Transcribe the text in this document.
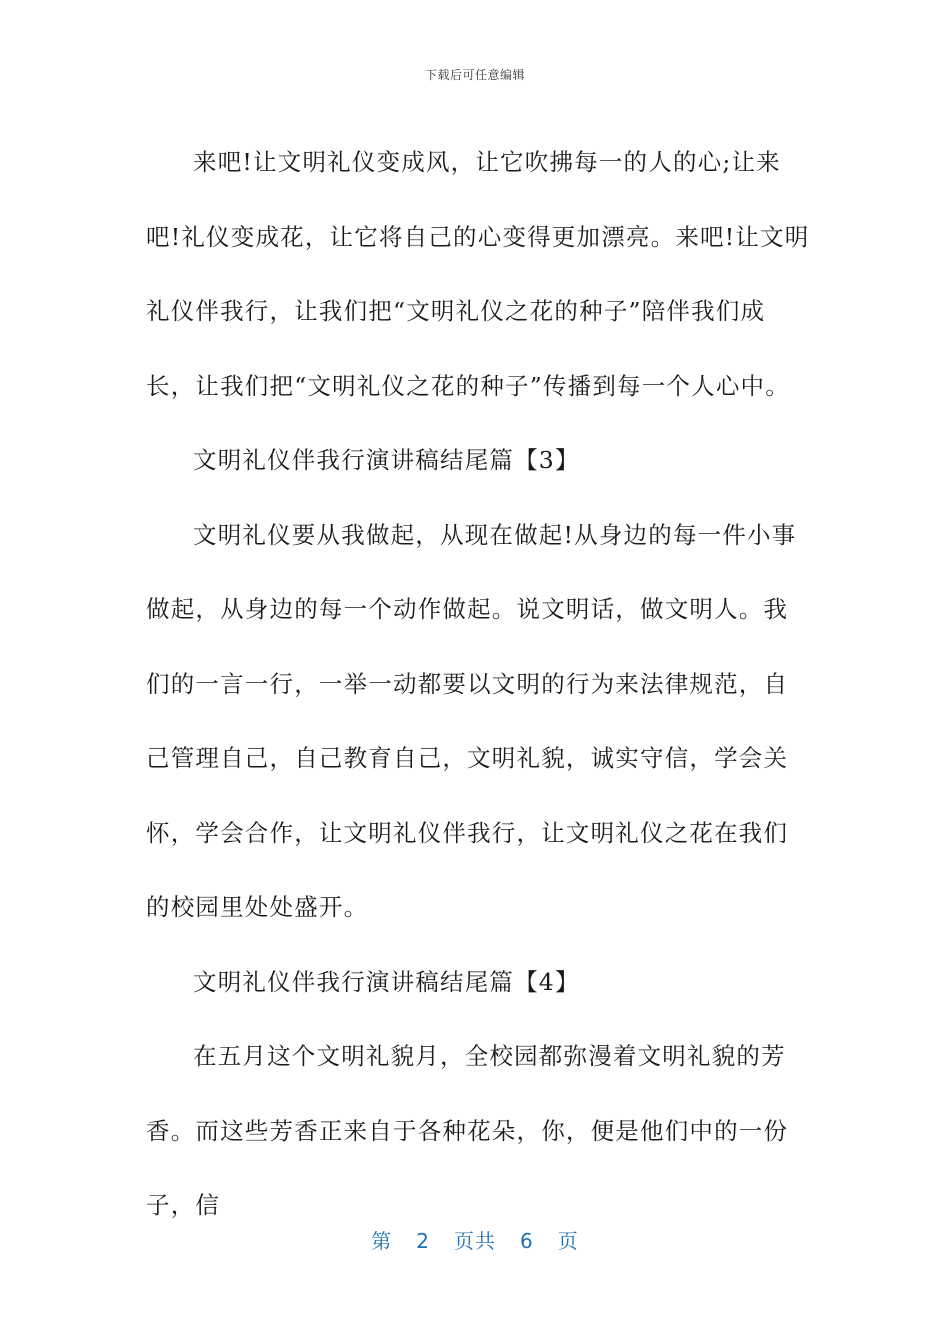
下载后可任意编辑

来吧!让文明礼仪变成风，让它吹拂每一的人的心;让来吧!礼仪变成花，让它将自己的心变得更加漂亮。来吧!让文明礼仪伴我行，让我们把“文明礼仪之花的种子”陪伴我们成长，让我们把“文明礼仪之花的种子”传播到每一个人心中。

文明礼仪伴我行演讲稿结尾篇【3】

文明礼仪要从我做起，从现在做起!从身边的每一件小事做起，从身边的每一个动作做起。说文明话，做文明人。我们的一言一行，一举一动都要以文明的行为来法律规范，自己管理自己，自己教育自己，文明礼貌，诚实守信，学会关怀，学会合作，让文明礼仪伴我行，让文明礼仪之花在我们的校园里处处盛开。

文明礼仪伴我行演讲稿结尾篇【4】

在五月这个文明礼貌月，全校园都弥漫着文明礼貌的芳香。而这些芳香正来自于各种花朵，你，便是他们中的一份子，信

第 2 页共 6 页
